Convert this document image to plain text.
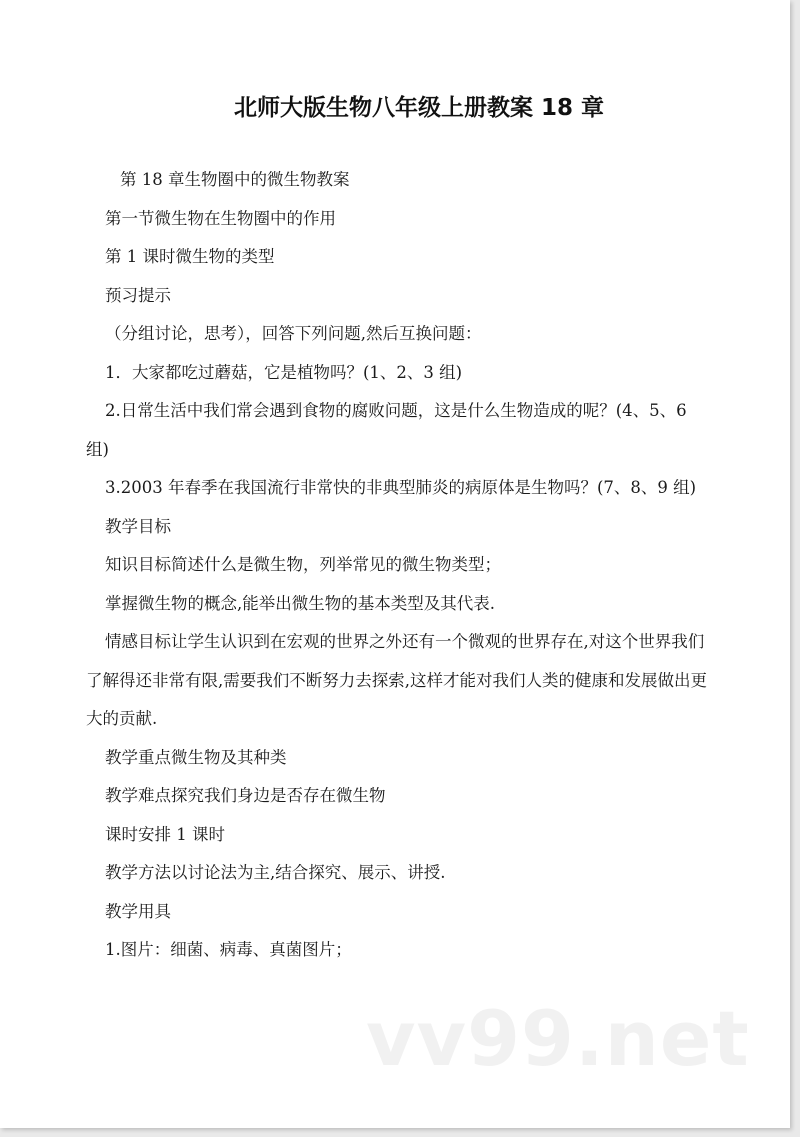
北师大版生物八年级上册教案 18 章

第 18 章生物圈中的微生物教案

第一节微生物在生物圈中的作用

第 1 课时微生物的类型

预习提示

（分组讨论，思考），回答下列问题,然后互换问题：

1．大家都吃过蘑菇，它是植物吗？(1、2、3 组)

2.日常生活中我们常会遇到食物的腐败问题，这是什么生物造成的呢？(4、5、6 组)

3.2003 年春季在我国流行非常快的非典型肺炎的病原体是生物吗？(7、8、9 组)

教学目标

知识目标简述什么是微生物，列举常见的微生物类型；

掌握微生物的概念,能举出微生物的基本类型及其代表.

情感目标让学生认识到在宏观的世界之外还有一个微观的世界存在,对这个世界我们了解得还非常有限,需要我们不断努力去探索,这样才能对我们人类的健康和发展做出更大的贡献.

教学重点微生物及其种类

教学难点探究我们身边是否存在微生物

课时安排 1 课时

教学方法以讨论法为主,结合探究、展示、讲授.

教学用具

1.图片：细菌、病毒、真菌图片；

vv99.net
